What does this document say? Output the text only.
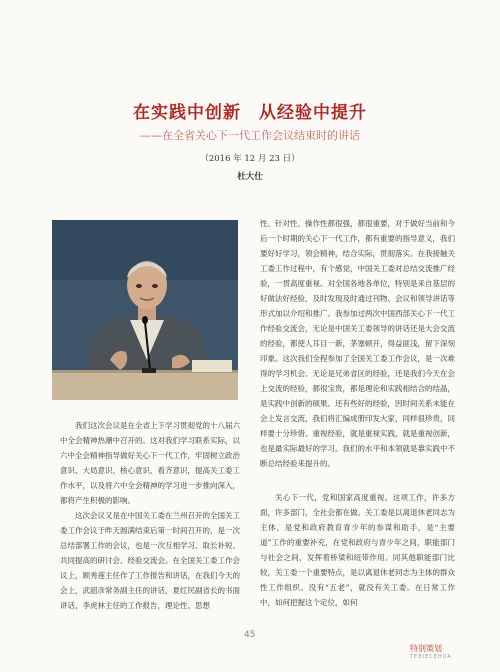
在实践中创新　从经验中提升
——在全省关心下一代工作会议结束时的讲话
（2016 年 12 月 23 日）
杜大仕

我们这次会议是在全省上下学习贯彻党的十八届六中全会精神热潮中召开的。这对我们学习联系实际，以六中全会精神指导做好关心下一代工作，牢固树立政治意识、大局意识、核心意识、看齐意识，提高关工委工作水平，以及将六中全会精神的学习进一步推向深入，都将产生积极的影响。

这次会议又是在中国关工委在兰州召开的全国关工委工作会议于昨天圆满结束后第一时间召开的，是一次总结部署工作的会议，也是一次互相学习、取长补短、共同提高的研讨会、经验交流会。在全国关工委工作会议上，顾秀莲主任作了工作报告和讲话，在我们今天的会上，武韶彦常务副主任的讲话，夏红民副省长的书面讲话，李虎林主任的工作报告，理论性、思想

性、针对性、操作性都很强，都很重要，对于做好当前和今后一个时期的关心下一代工作，都有重要的指导意义，我们要好好学习，领会精神，结合实际，贯彻落实。在我接触关工委工作过程中，有个感觉，中国关工委对总结交流推广经验，一贯高度重视。对全国各地各单位，特别是来自基层的好做法好经验，及时发现及时通过刊物、会议和领导讲话等形式加以介绍和推广。我参加过两次中国西部关心下一代工作经验交流会，无论是中国关工委领导的讲话还是大会交流的经验，都使人耳目一新，茅塞顿开，得益匪浅，留下深刻印象。这次我们全程参加了全国关工委工作会议，是一次难得的学习机会。无论是兄弟省区的经验，还是我们今天在会上交流的经验，都很宝贵，都是理论和实践相结合的结晶，是实践中创新的硕果。还有些好的经验，因时间关系未能在会上发言交流，我们将汇编成册印发大家，同样很珍贵，同样要十分珍惜。重视经验，就是重视实践，就是重视创新，也是最实际最好的学习。我们的水平和本领就是靠实践中不断总结经验来提升的。

关心下一代，党和国家高度重视。这项工作，许多方面，许多部门，全社会都在做。关工委是以离退休老同志为主体，是党和政府教育青少年的参谋和助手，是“主要道”工作的重要补充，在党和政府与青少年之间，职能部门与社会之间，发挥着桥梁和纽带作用。同其他职能部门比较，关工委一个重要特点，是以离退休老同志为主体的群众性工作组织。没有“五老”，就没有关工委。在日常工作中，如何把握这个定位，如何

45
特别策划
TEBIECEHUA
